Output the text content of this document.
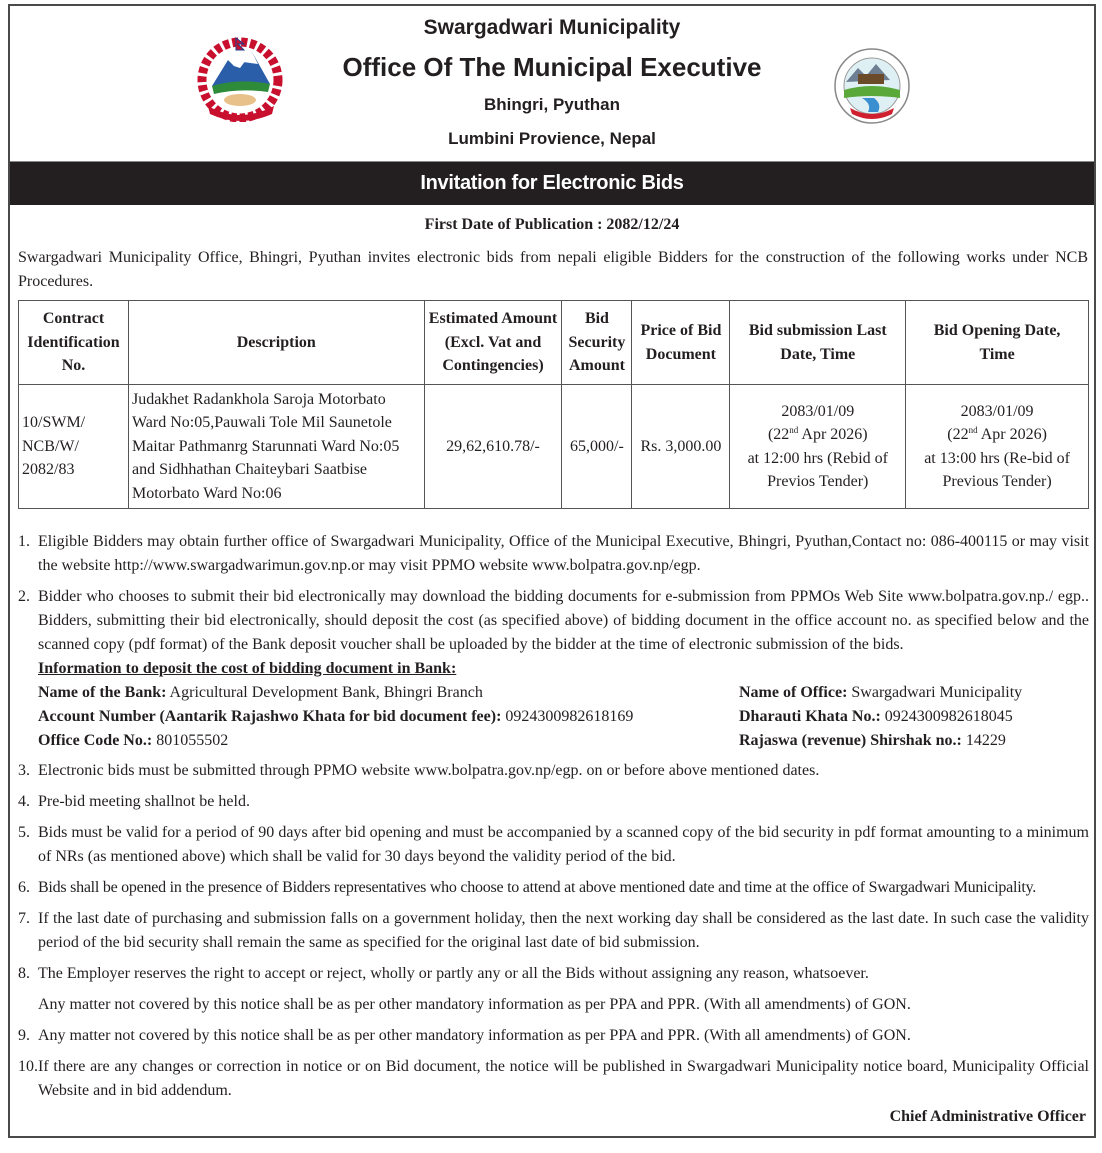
Swargadwari Municipality
Office Of The Municipal Executive
Bhingri, Pyuthan
Lumbini Provience, Nepal
Invitation for Electronic Bids
First Date of Publication : 2082/12/24
Swargadwari Municipality Office, Bhingri, Pyuthan invites electronic bids from nepali eligible Bidders for the construction of the following works under NCB Procedures.
Contract
Identification
No.	Description	Estimated Amount
(Excl. Vat and
Contingencies)	Bid
Security
Amount	Price of Bid
Document	Bid submission Last
Date, Time	Bid Opening Date,
Time
10/SWM/
NCB/W/
2082/83	Judakhet Radankhola Saroja Motorbato
Ward No:05,Pauwali Tole Mil Saunetole
Maitar Pathmanrg Starunnati Ward No:05
and Sidhhathan Chaiteybari Saatbise
Motorbato Ward No:06	29,62,610.78/-	65,000/-	Rs. 3,000.00	2083/01/09
(22nd Apr 2026)
at 12:00 hrs (Rebid of
Previos Tender)	2083/01/09
(22nd Apr 2026)
at 13:00 hrs (Re-bid of
Previous Tender)
1. Eligible Bidders may obtain further office of Swargadwari Municipality, Office of the Municipal Executive, Bhingri, Pyuthan,Contact no: 086-400115 or may visit the website http://www.swargadwarimun.gov.np.or may visit PPMO website www.bolpatra.gov.np/egp.
2. Bidder who chooses to submit their bid electronically may download the bidding documents for e-submission from PPMOs Web Site www.bolpatra.gov.np./ egp.. Bidders, submitting their bid electronically, should deposit the cost (as specified above) of bidding document in the office account no. as specified below and the scanned copy (pdf format) of the Bank deposit voucher shall be uploaded by the bidder at the time of electronic submission of the bids.
Information to deposit the cost of bidding document in Bank:
Name of the Bank: Agricultural Development Bank, Bhingri Branch	Name of Office: Swargadwari Municipality
Account Number (Aantarik Rajashwo Khata for bid document fee): 0924300982618169	Dharauti Khata No.: 0924300982618045
Office Code No.: 801055502	Rajaswa (revenue) Shirshak no.: 14229
3. Electronic bids must be submitted through PPMO website www.bolpatra.gov.np/egp. on or before above mentioned dates.
4. Pre-bid meeting shallnot be held.
5. Bids must be valid for a period of 90 days after bid opening and must be accompanied by a scanned copy of the bid security in pdf format amounting to a minimum of NRs (as mentioned above) which shall be valid for 30 days beyond the validity period of the bid.
6. Bids shall be opened in the presence of Bidders representatives who choose to attend at above mentioned date and time at the office of Swargadwari Municipality.
7. If the last date of purchasing and submission falls on a government holiday, then the next working day shall be considered as the last date. In such case the validity period of the bid security shall remain the same as specified for the original last date of bid submission.
8. The Employer reserves the right to accept or reject, wholly or partly any or all the Bids without assigning any reason, whatsoever.
Any matter not covered by this notice shall be as per other mandatory information as per PPA and PPR. (With all amendments) of GON.
9. Any matter not covered by this notice shall be as per other mandatory information as per PPA and PPR. (With all amendments) of GON.
10. If there are any changes or correction in notice or on Bid document, the notice will be published in Swargadwari Municipality notice board, Municipality Official Website and in bid addendum.
Chief Administrative Officer
